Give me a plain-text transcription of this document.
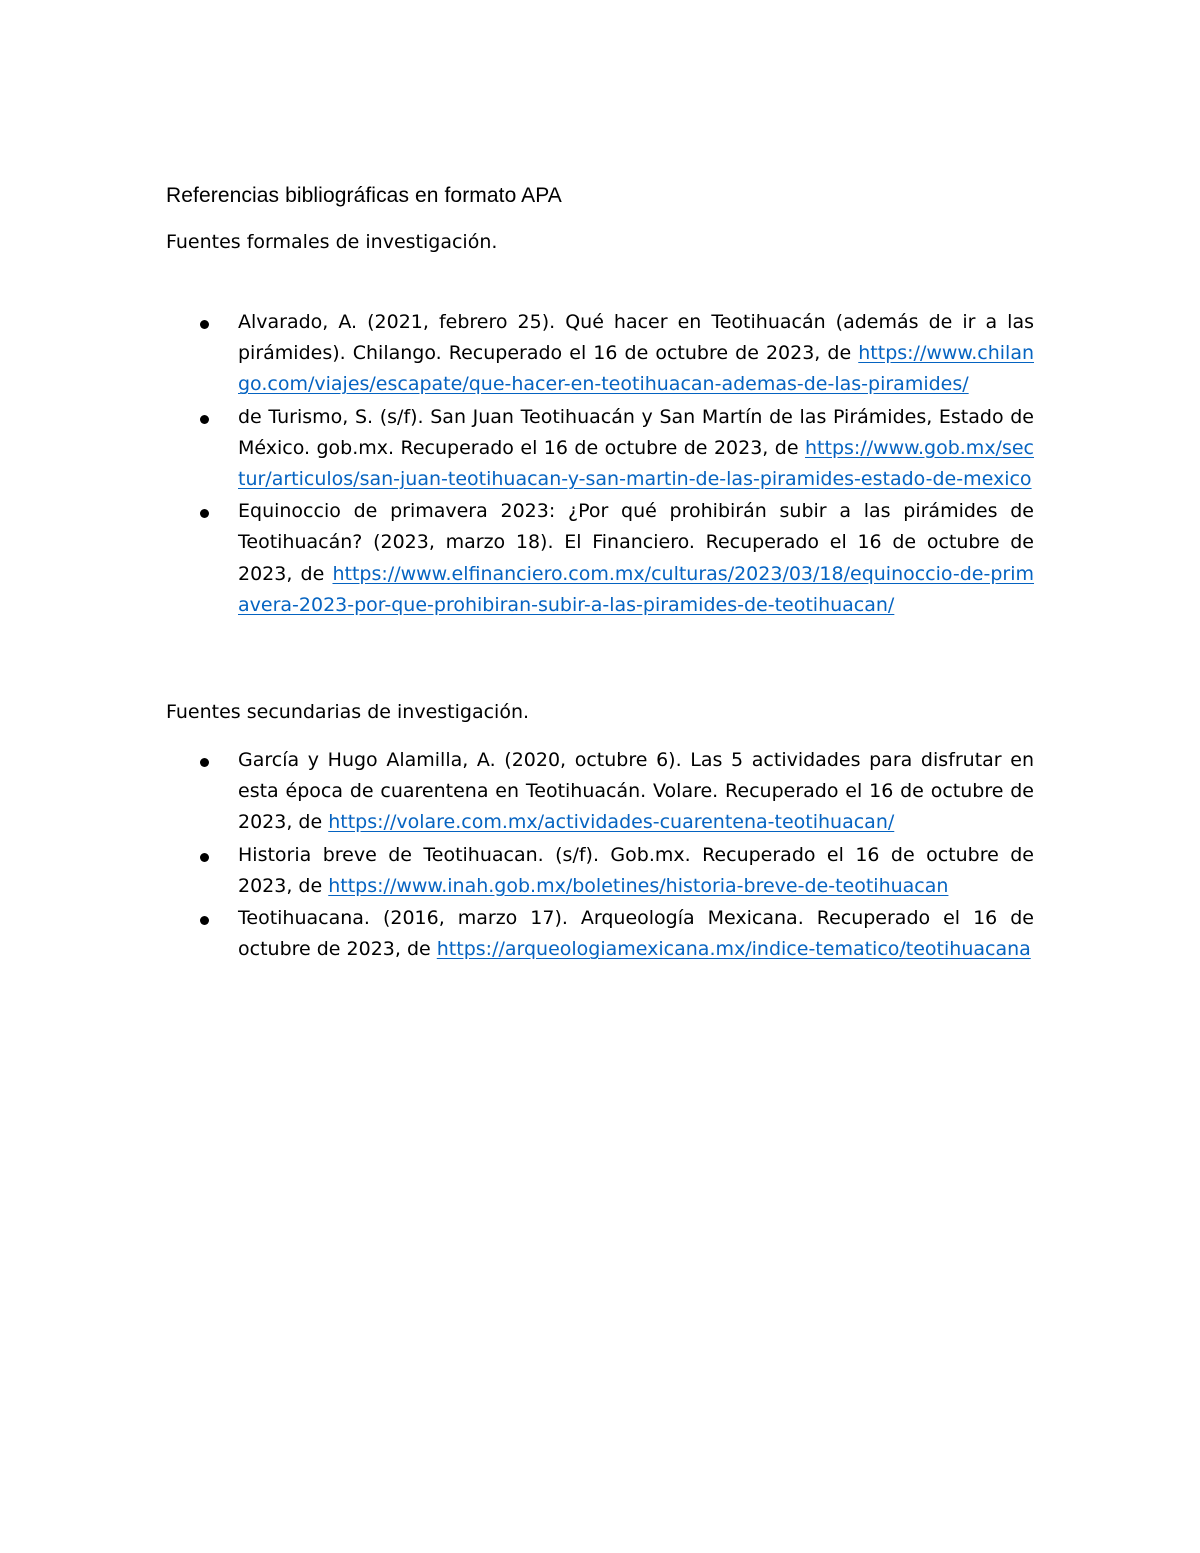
Referencias bibliográficas en formato APA
Fuentes formales de investigación.
Alvarado, A. (2021, febrero 25). Qué hacer en Teotihuacán (además de ir a las pirámides). Chilango. Recuperado el 16 de octubre de 2023, de https://www.chilango.com/viajes/escapate/que-hacer-en-teotihuacan-ademas-de-las-piramides/
de Turismo, S. (s/f). San Juan Teotihuacán y San Martín de las Pirámides, Estado de México. gob.mx. Recuperado el 16 de octubre de 2023, de https://www.gob.mx/sectur/articulos/san-juan-teotihuacan-y-san-martin-de-las-piramides-estado-de-mexico
Equinoccio de primavera 2023: ¿Por qué prohibirán subir a las pirámides de Teotihuacán? (2023, marzo 18). El Financiero. Recuperado el 16 de octubre de 2023, de https://www.elfinanciero.com.mx/culturas/2023/03/18/equinoccio-de-primavera-2023-por-que-prohibiran-subir-a-las-piramides-de-teotihuacan/
Fuentes secundarias de investigación.
García y Hugo Alamilla, A. (2020, octubre 6). Las 5 actividades para disfrutar en esta época de cuarentena en Teotihuacán. Volare. Recuperado el 16 de octubre de 2023, de https://volare.com.mx/actividades-cuarentena-teotihuacan/
Historia breve de Teotihuacan. (s/f). Gob.mx. Recuperado el 16 de octubre de 2023, de https://www.inah.gob.mx/boletines/historia-breve-de-teotihuacan
Teotihuacana. (2016, marzo 17). Arqueología Mexicana. Recuperado el 16 de octubre de 2023, de https://arqueologiamexicana.mx/indice-tematico/teotihuacana
